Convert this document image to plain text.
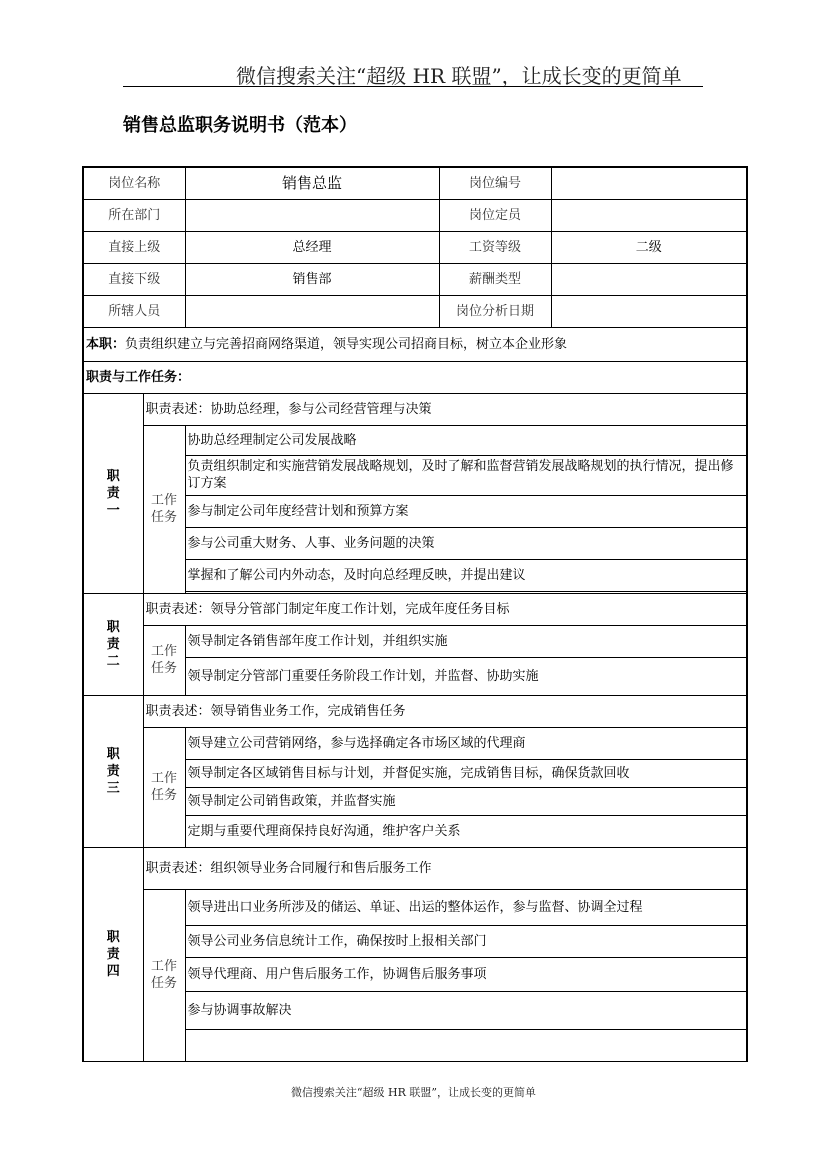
微信搜索关注“超级 HR 联盟”，让成长变的更简单
销售总监职务说明书（范本）
岗位名称		销售总监	岗位编号	
所在部门			岗位定员	
直接上级		总经理	工资等级	二级
直接下级		销售部	薪酬类型	
所辖人员			岗位分析日期	
本职：负责组织建立与完善招商网络渠道，领导实现公司招商目标，树立本企业形象				
职责与工作任务：				
职
责
一	职责表述：协助总经理，参与公司经营管理与决策			
	工作
任务	协助总经理制定公司发展战略		
		负责组织制定和实施营销发展战略规划，及时了解和监督营销发展战略规划的执行情况，提出修订方案		
		参与制定公司年度经营计划和预算方案		
		参与公司重大财务、人事、业务问题的决策		
		掌握和了解公司内外动态，及时向总经理反映，并提出建议		

职
责
二	职责表述：领导分管部门制定年度工作计划，完成年度任务目标			
	工作
任务	领导制定各销售部年度工作计划，并组织实施		
		领导制定分管部门重要任务阶段工作计划，并监督、协助实施		
职
责
三	职责表述：领导销售业务工作，完成销售任务			
	工作
任务	领导建立公司营销网络，参与选择确定各市场区域的代理商		
		领导制定各区域销售目标与计划，并督促实施，完成销售目标，确保货款回收		
		领导制定公司销售政策，并监督实施		
		定期与重要代理商保持良好沟通，维护客户关系		
职
责
四	职责表述：组织领导业务合同履行和售后服务工作			
	工作
任务	领导进出口业务所涉及的储运、单证、出运的整体运作，参与监督、协调全过程		
		领导公司业务信息统计工作，确保按时上报相关部门		
		领导代理商、用户售后服务工作，协调售后服务事项		
		参与协调事故解决		

微信搜索关注“超级 HR 联盟”，让成长变的更简单
